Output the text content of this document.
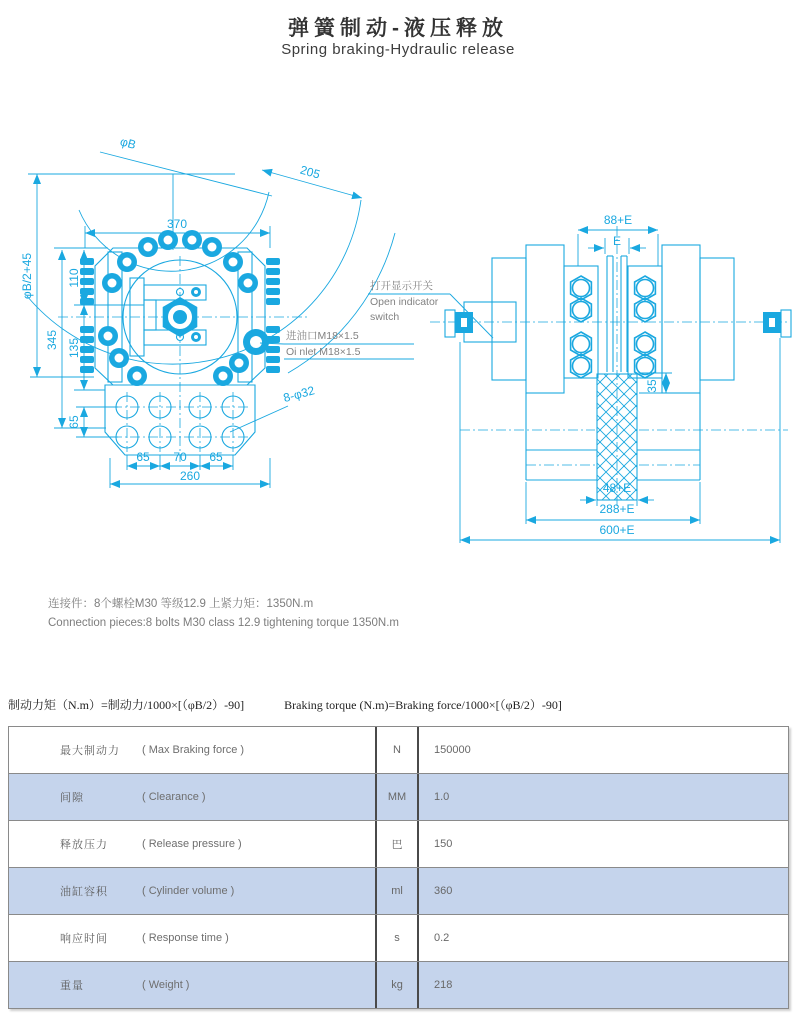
弹簧制动-液压释放
Spring braking-Hydraulic release
φB
205
370
φB/2+45
345
110
135
65
65 70 65
260
8-φ32
进油口M18×1.5
Oi nlet M18×1.5
88+E
E
35
48+E
288+E
600+E
打开显示开关
Open indicator
switch
连接件：8个螺栓M30 等级12.9 上紧力矩：1350N.m
Connection pieces:8 bolts M30 class 12.9 tightening torque 1350N.m
制动力矩（N.m）=制动力/1000×[（φB/2）-90]	Braking torque (N.m)=Braking force/1000×[（φB/2）-90]
最大制动力	( Max Braking force )	N	150000
间隙	( Clearance )	MM	1.0
释放压力	( Release pressure )	巴	150
油缸容积	( Cylinder volume )	ml	360
响应时间	( Response time )	s	0.2
重量	( Weight )	kg	218
